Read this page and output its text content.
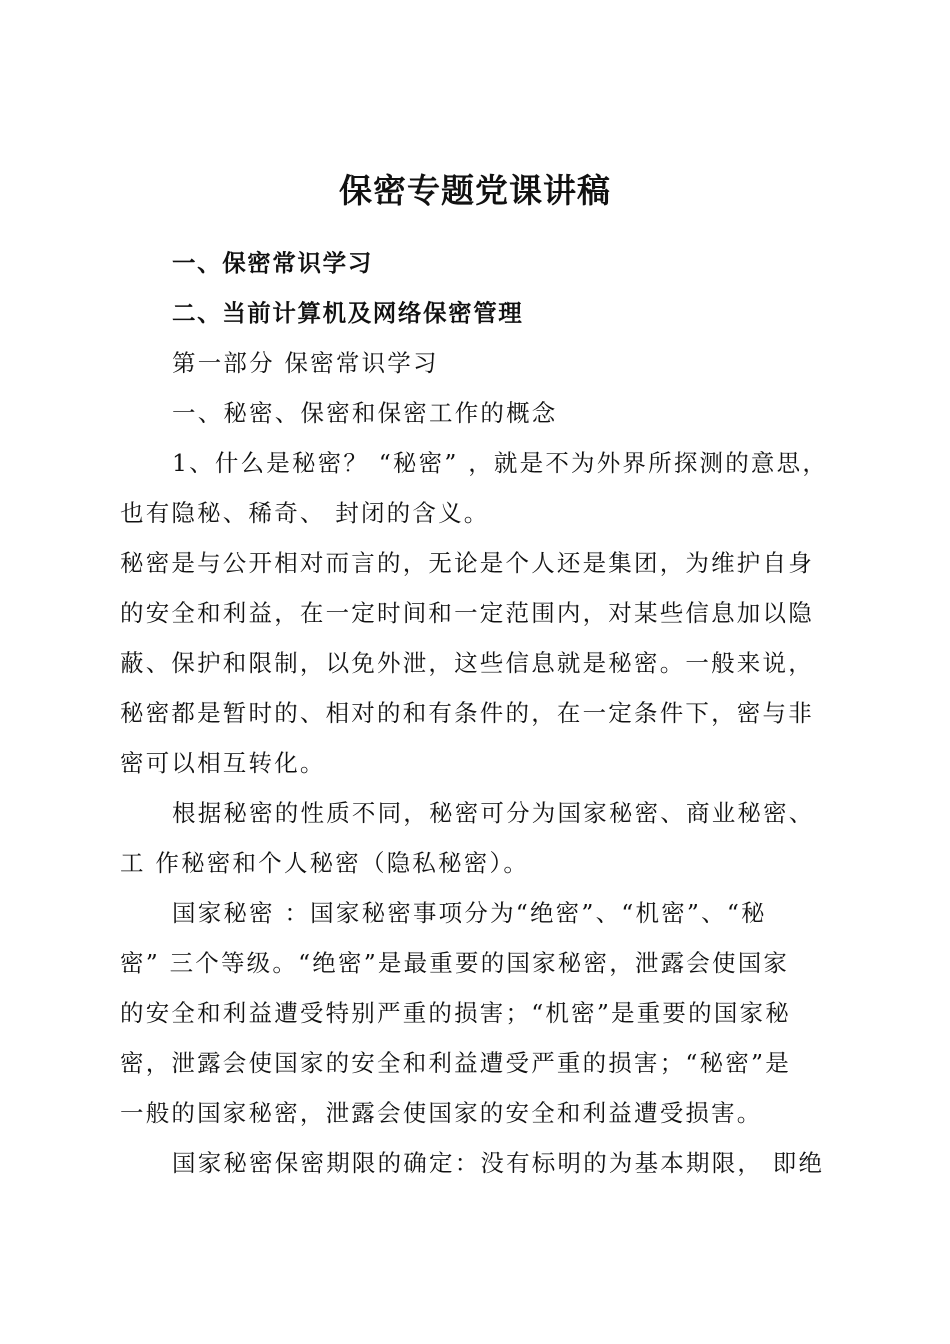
保密专题党课讲稿
一、保密常识学习
二、当前计算机及网络保密管理
第一部分 保密常识学习
一、秘密、保密和保密工作的概念
1、什么是秘密？ “秘密” ，就是不为外界所探测的意思，
也有隐秘、稀奇、 封闭的含义。
秘密是与公开相对而言的，无论是个人还是集团，为维护自身
的安全和利益，在一定时间和一定范围内，对某些信息加以隐
蔽、保护和限制，以免外泄，这些信息就是秘密。一般来说，
秘密都是暂时的、相对的和有条件的，在一定条件下，密与非
密可以相互转化。
根据秘密的性质不同，秘密可分为国家秘密、商业秘密、
工 作秘密和个人秘密（隐私秘密）。
国家秘密 ：国家秘密事项分为“绝密”、“机密”、“秘
密” 三个等级。“绝密”是最重要的国家秘密，泄露会使国家
的安全和利益遭受特别严重的损害；“机密”是重要的国家秘
密，泄露会使国家的安全和利益遭受严重的损害；“秘密”是
一般的国家秘密，泄露会使国家的安全和利益遭受损害。
国家秘密保密期限的确定：没有标明的为基本期限， 即绝
